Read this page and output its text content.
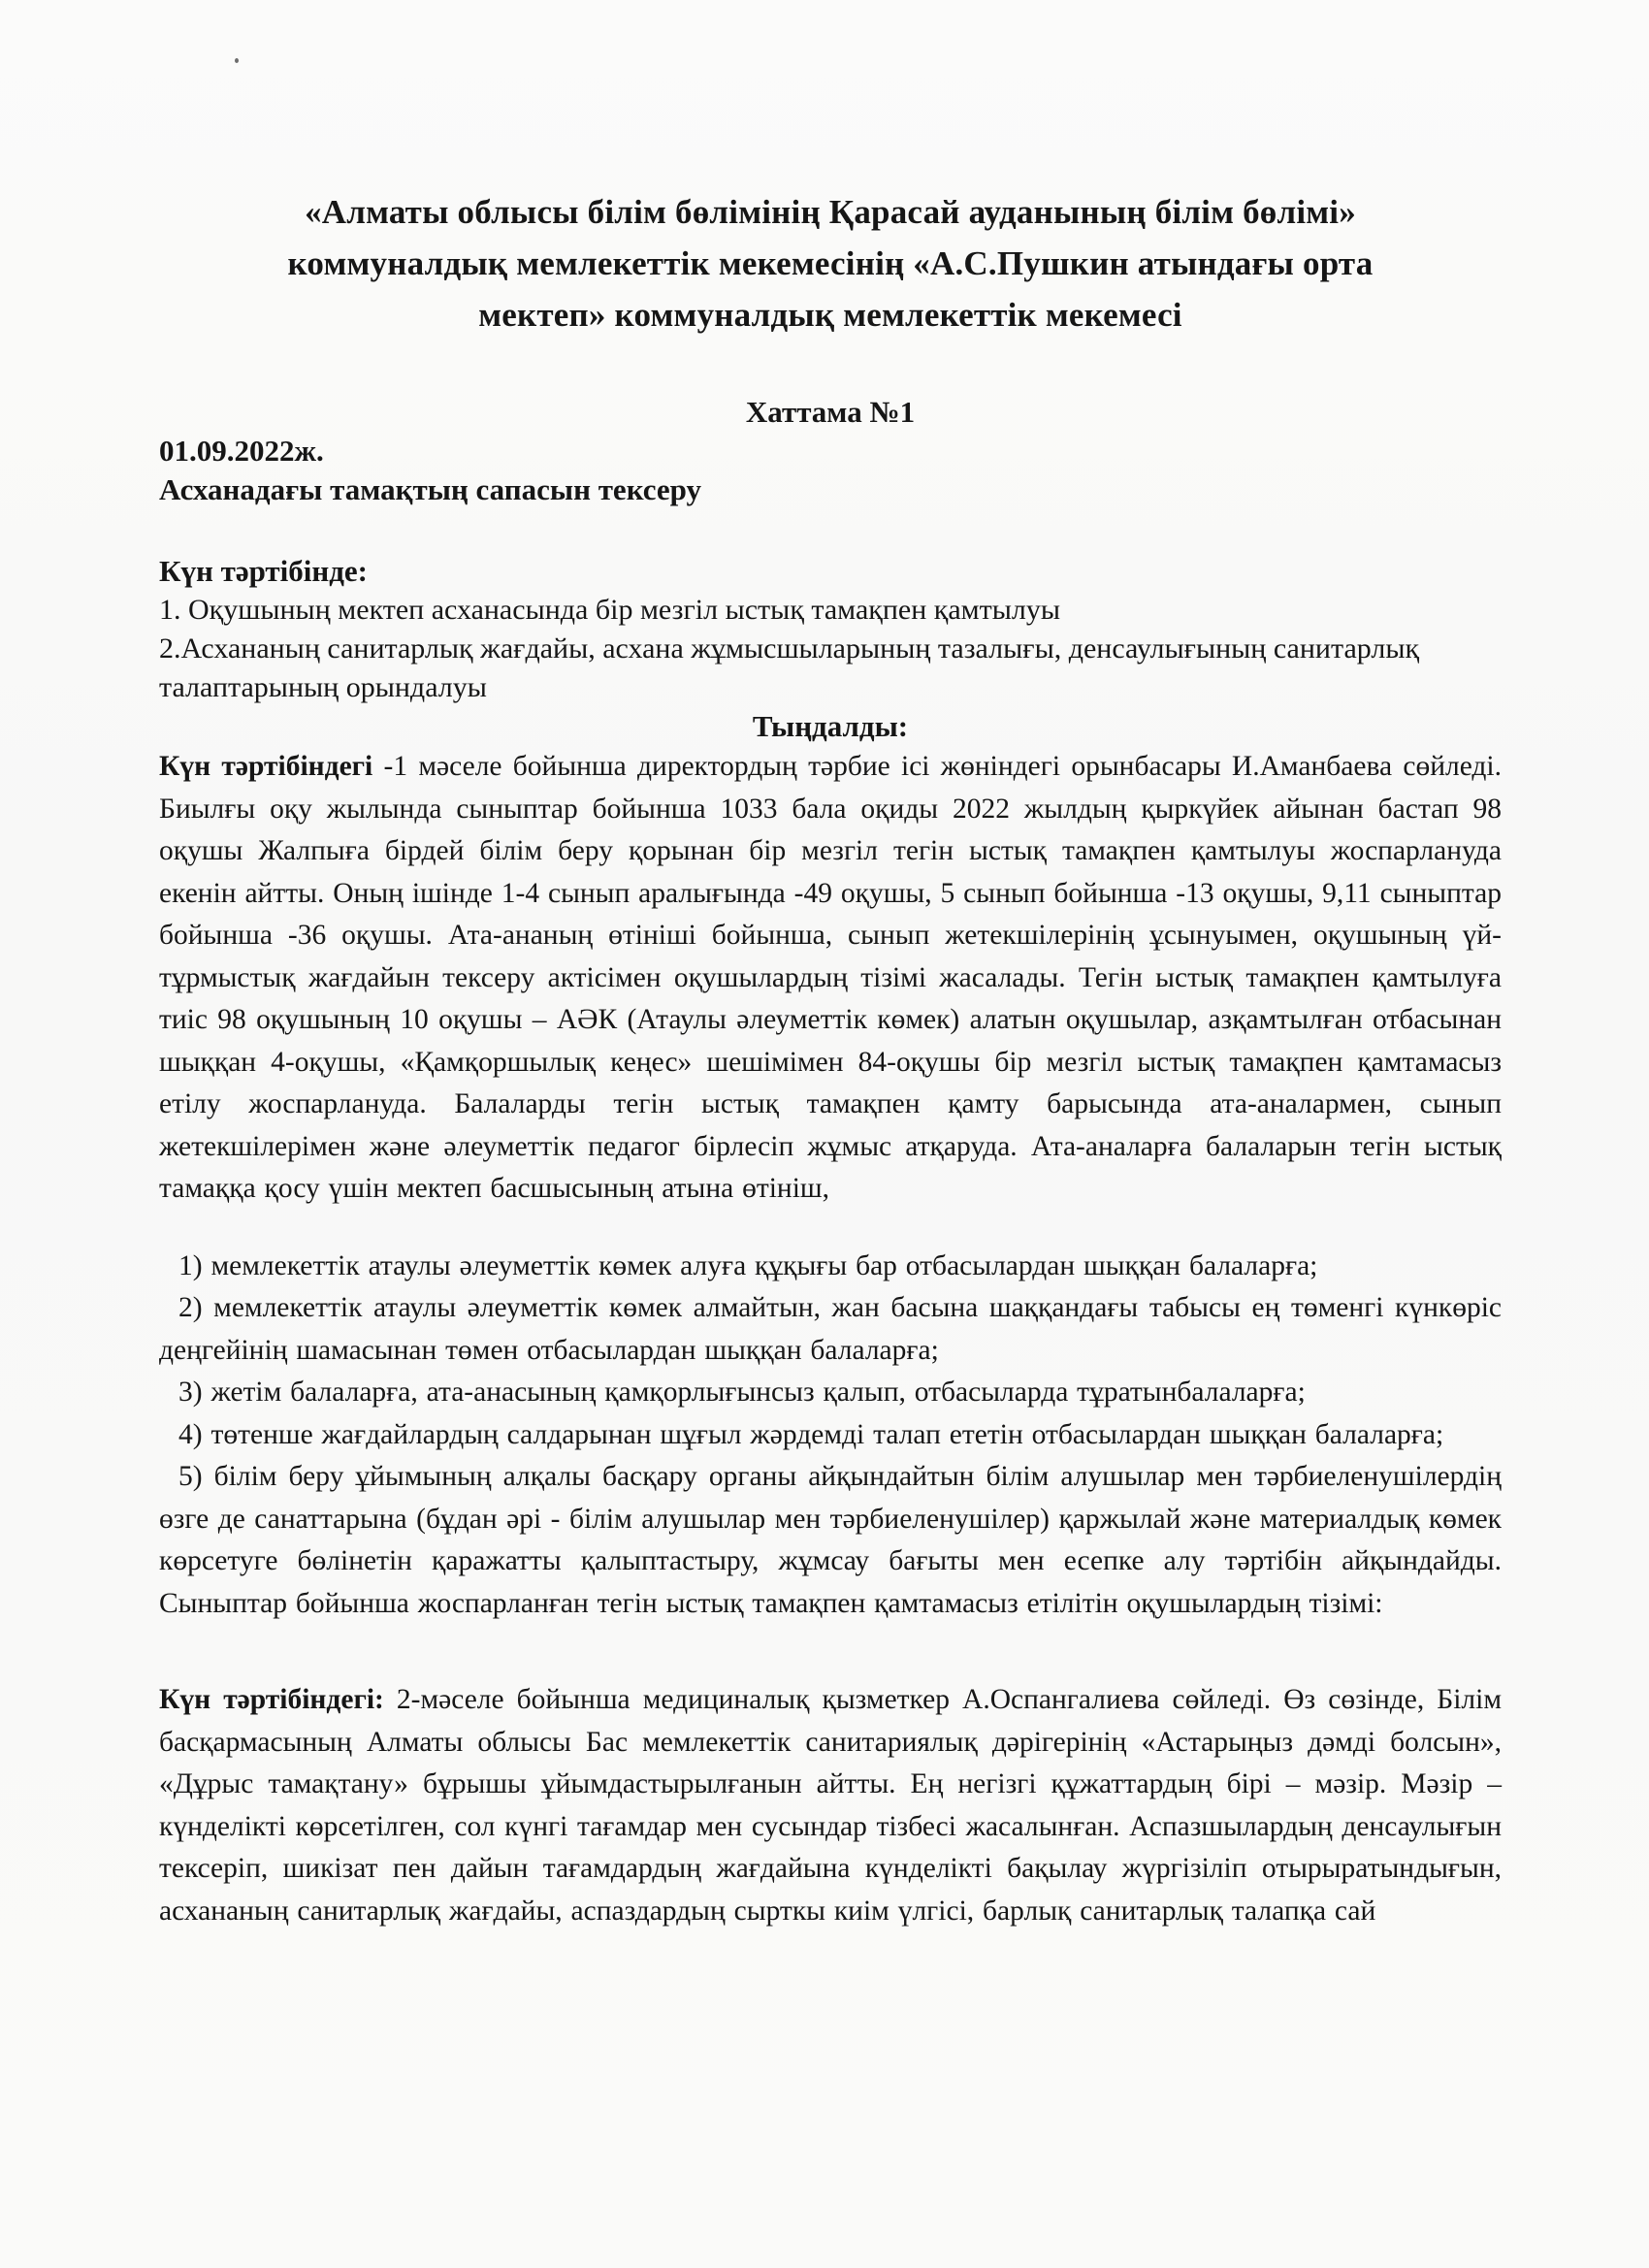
«Алматы облысы білім бөлімінің Қарасай ауданының білім бөлімі»
коммуналдық мемлекеттік мекемесінің «А.С.Пушкин атындағы орта
мектеп» коммуналдық мемлекеттік мекемесі
Хаттама №1
01.09.2022ж.
Асханадағы тамақтың сапасын тексеру
Күн тәртібінде:
1. Оқушының мектеп асханасында бір мезгіл ыстық тамақпен қамтылуы
2.Асхананың санитарлық жағдайы, асхана жұмысшыларының тазалығы, денсаулығының санитарлық талаптарының орындалуы
Тыңдалды:

Күн тәртібіндегі -1 мәселе бойынша директордың тәрбие ісі жөніндегі орынбасары И.Аманбаева сөйледі. Биылғы оқу жылында сыныптар бойынша 1033 бала оқиды 2022 жылдың қыркүйек айынан бастап 98 оқушы Жалпыға бірдей білім беру қорынан бір мезгіл тегін ыстық тамақпен қамтылуы жоспарлануда екенін айтты. Оның ішінде 1-4 сынып аралығында -49 оқушы, 5 сынып бойынша -13 оқушы, 9,11 сыныптар бойынша -36 оқушы. Ата-ананың өтініші бойынша, сынып жетекшілерінің ұсынуымен, оқушының үй-тұрмыстық жағдайын тексеру актісімен оқушылардың тізімі жасалады. Тегін ыстық тамақпен қамтылуға тиіс 98 оқушының 10 оқушы – АӘК (Атаулы әлеуметтік көмек) алатын оқушылар, азқамтылған отбасынан шыққан 4-оқушы, «Қамқоршылық кеңес» шешімімен 84-оқушы бір мезгіл ыстық тамақпен қамтамасыз етілу жоспарлануда. Балаларды тегін ыстық тамақпен қамту барысында ата-аналармен, сынып жетекшілерімен және әлеуметтік педагог бірлесіп жұмыс атқаруда. Ата-аналарға балаларын тегін ыстық тамаққа қосу үшін мектеп басшысының атына өтініш,

1) мемлекеттік атаулы әлеуметтік көмек алуға құқығы бар отбасылардан шыққан балаларға;

2) мемлекеттік атаулы әлеуметтік көмек алмайтын, жан басына шаққандағы табысы ең төменгі күнкөріс деңгейінің шамасынан төмен отбасылардан шыққан балаларға;

3) жетім балаларға, ата-анасының қамқорлығынсыз қалып, отбасыларда тұратынбалаларға;

4) төтенше жағдайлардың салдарынан шұғыл жәрдемді талап ететін отбасылардан шыққан балаларға;

5) білім беру ұйымының алқалы басқару органы айқындайтын білім алушылар мен тәрбиеленушілердің өзге де санаттарына (бұдан әрі - білім алушылар мен тәрбиеленушілер) қаржылай және материалдық көмек көрсетуге бөлінетін қаражатты қалыптастыру, жұмсау бағыты мен есепке алу тәртібін айқындайды. Сыныптар бойынша жоспарланған тегін ыстық тамақпен қамтамасыз етілітін оқушылардың тізімі:

Күн тәртібіндегі: 2-мәселе бойынша медициналық қызметкер А.Оспангалиева сөйледі. Өз сөзінде, Білім басқармасының Алматы облысы Бас мемлекеттік санитариялық дәрігерінің «Астарыңыз дәмді болсын», «Дұрыс тамақтану» бұрышы ұйымдастырылғанын айтты. Ең негізгі құжаттардың бірі – мәзір. Мәзір – күнделікті көрсетілген, сол күнгі тағамдар мен сусындар тізбесі жасалынған. Аспазшылардың денсаулығын тексеріп, шикізат пен дайын тағамдардың жағдайына күнделікті бақылау жүргізіліп отырыратындығын, асхананың санитарлық жағдайы, аспаздардың сырткы киім үлгісі, барлық санитарлық талапқа сай
